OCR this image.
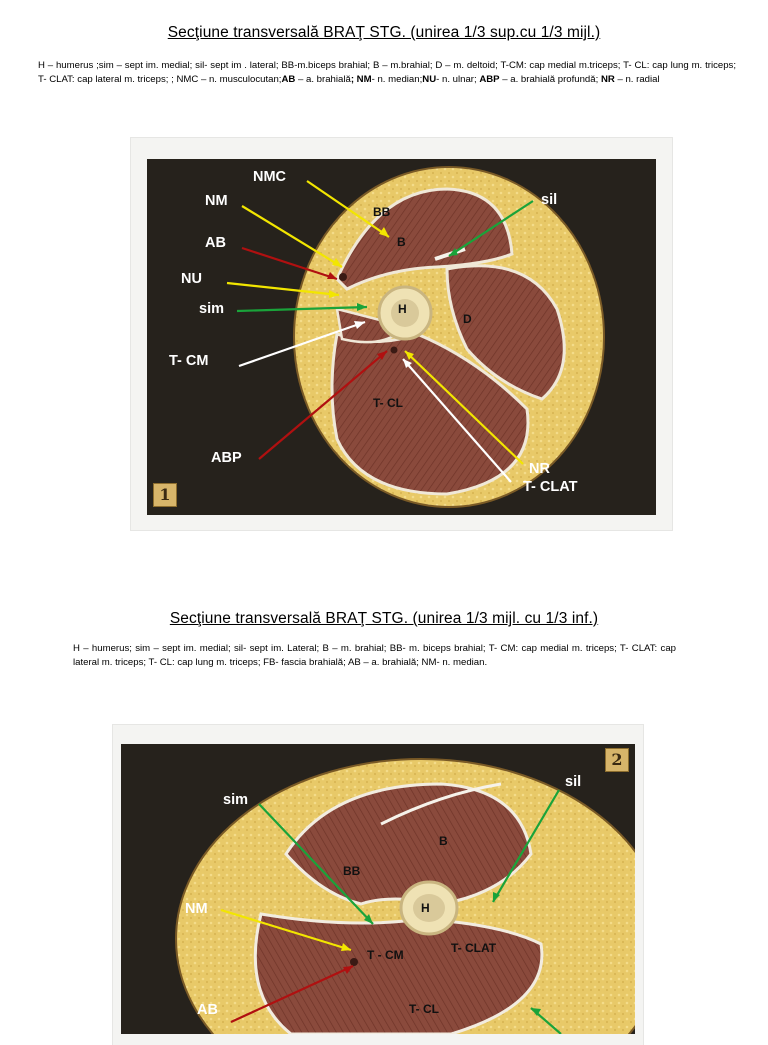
Secţiune transversală BRAŢ STG. (unirea 1/3 sup.cu 1/3 mijl.)
H – humerus ;sim – sept im. medial; sil- sept im . lateral; BB-m.biceps brahial; B – m.brahial; D – m. deltoid; T-CM: cap medial m.triceps; T- CL: cap lung m. triceps; T- CLAT: cap lateral m. triceps; ; NMC – n. musculocutan;AB – a. brahială; NM- n. median;NU- n. ulnar; ABP – a. brahială profundă; NR – n. radial
NMC
NM
AB
NU
sim
T- CM
ABP
sil
NR
T- CLAT
BB
B
H
D
T- CL
1
Secţiune transversală BRAŢ STG. (unirea 1/3 mijl. cu 1/3 inf.)
H – humerus; sim – sept im. medial; sil- sept im. Lateral; B – m. brahial; BB- m. biceps brahial; T- CM: cap medial m. triceps; T- CLAT: cap lateral m. triceps; T- CL: cap lung m. triceps; FB- fascia brahială; AB – a. brahială; NM- n. median.
2
sim
sil
NM
AB
B
BB
H
T - CM	T- CLAT
T- CL
